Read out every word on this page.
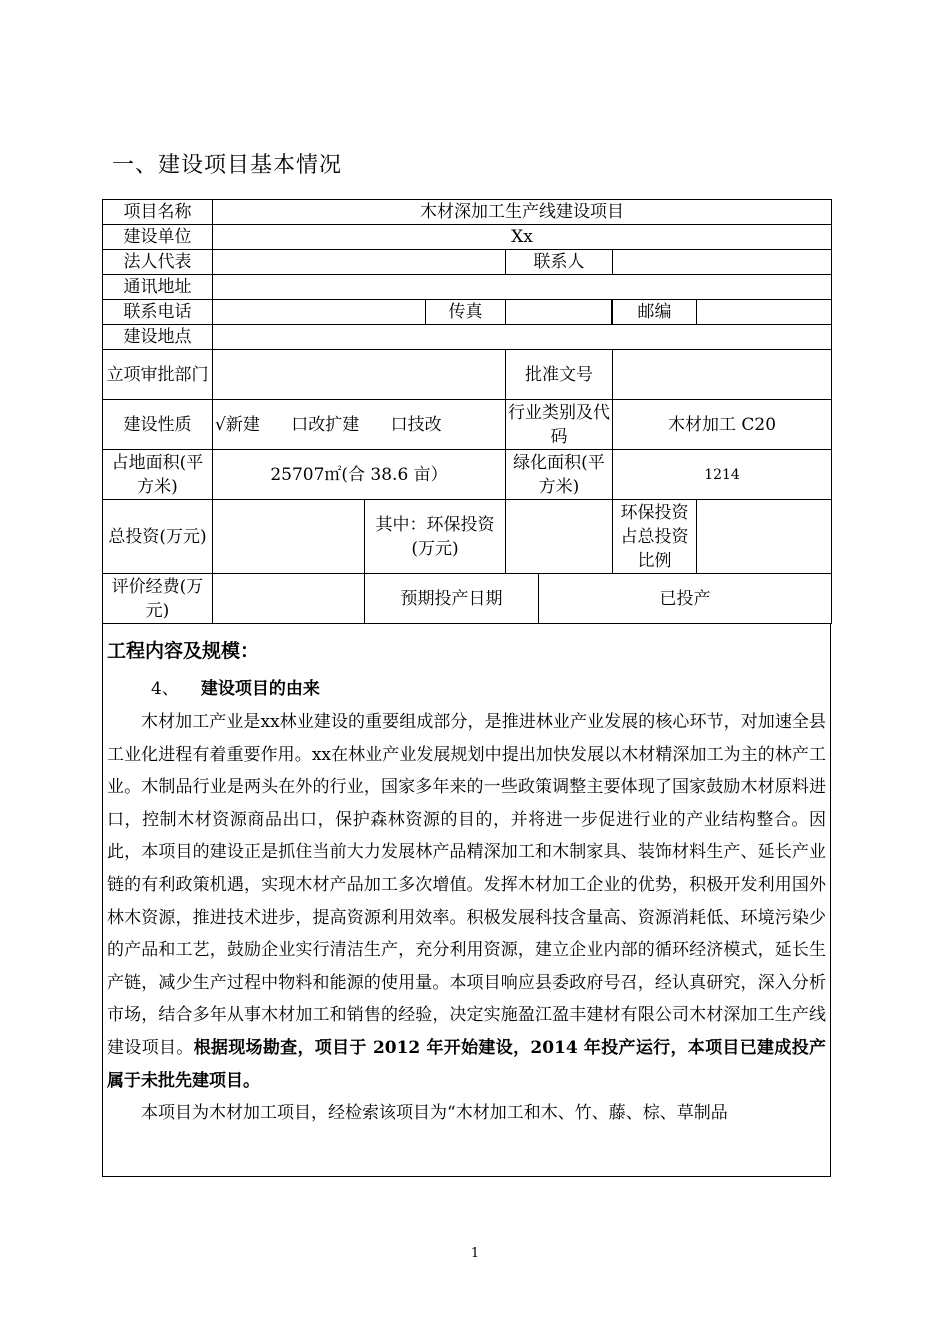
一、建设项目基本情况
项目名称	木材深加工生产线建设项目					
建设单位	Xx					
法人代表			联系人			
通讯地址						
联系电话	传真				邮编	

建设地点						
立项审批部门			批准文号			
建设性质	√新建 口改扩建 口技改		行业类别及代码		木材加工 C20	
占地面积(平方米)	25707㎡(合 38.6 亩）		绿化面积(平方米)		1214	
总投资(万元)		其中：环保投资(万元)			环保投资占总投资比例	
评价经费(万元)		预期投产日期		已投产		
工程内容及规模：
4、 建设项目的由来

木材加工产业是xx林业建设的重要组成部分，是推进林业产业发展的核心环节，对加速全县工业化进程有着重要作用。xx在林业产业发展规划中提出加快发展以木材精深加工为主的林产工业。木制品行业是两头在外的行业，国家多年来的一些政策调整主要体现了国家鼓励木材原料进口，控制木材资源商品出口，保护森林资源的目的，并将进一步促进行业的产业结构整合。因此，本项目的建设正是抓住当前大力发展林产品精深加工和木制家具、装饰材料生产、延长产业链的有利政策机遇，实现木材产品加工多次增值。发挥木材加工企业的优势，积极开发利用国外林木资源，推进技术进步，提高资源利用效率。积极发展科技含量高、资源消耗低、环境污染少的产品和工艺，鼓励企业实行清洁生产，充分利用资源，建立企业内部的循环经济模式，延长生产链，减少生产过程中物料和能源的使用量。本项目响应县委政府号召，经认真研究，深入分析市场，结合多年从事木材加工和销售的经验，决定实施盈江盈丰建材有限公司木材深加工生产线建设项目。根据现场勘查，项目于 2012 年开始建设，2014 年投产运行，本项目已建成投产属于未批先建项目。

本项目为木材加工项目，经检索该项目为“木材加工和木、竹、藤、棕、草制品

1
